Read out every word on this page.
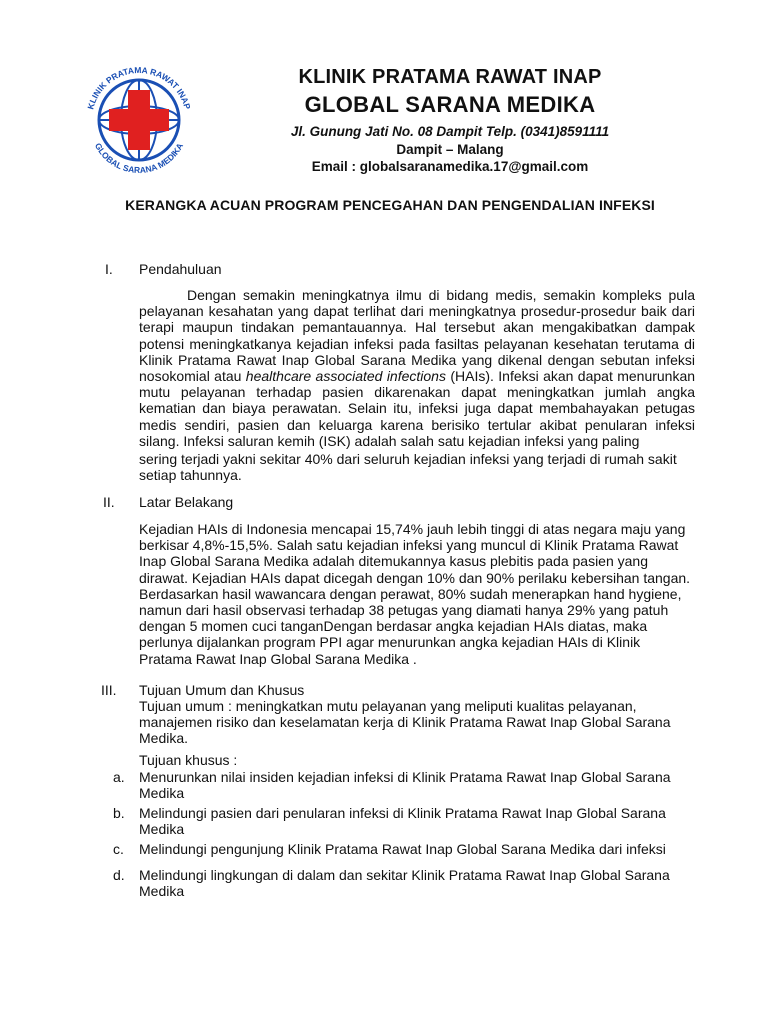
KLINIK PRATAMA RAWAT INAP
GLOBAL SARANA MEDIKA
KLINIK PRATAMA RAWAT INAP
GLOBAL SARANA MEDIKA
Jl. Gunung Jati No. 08 Dampit Telp. (0341)8591111
Dampit – Malang
Email : globalsaranamedika.17@gmail.com
KERANGKA ACUAN PROGRAM PENCEGAHAN DAN PENGENDALIAN INFEKSI
I. Pendahuluan
Dengan semakin meningkatnya ilmu di bidang medis, semakin kompleks pula pelayanan kesahatan yang dapat terlihat dari meningkatnya prosedur-prosedur baik dari terapi maupun tindakan pemantauannya. Hal tersebut akan mengakibatkan dampak potensi meningkatkanya kejadian infeksi pada fasiltas pelayanan kesehatan terutama di Klinik Pratama Rawat Inap Global Sarana Medika yang dikenal dengan sebutan infeksi nosokomial atau healthcare associated infections (HAIs). Infeksi akan dapat menurunkan mutu pelayanan terhadap pasien dikarenakan dapat meningkatkan jumlah angka kematian dan biaya perawatan. Selain itu, infeksi juga dapat membahayakan petugas medis sendiri, pasien dan keluarga karena berisiko tertular akibat penularan infeksi silang. Infeksi saluran kemih (ISK) adalah salah satu kejadian infeksi yang paling
sering terjadi yakni sekitar 40% dari seluruh kejadian infeksi yang terjadi di rumah sakit setiap tahunnya.
II. Latar Belakang
Kejadian HAIs di Indonesia mencapai 15,74% jauh lebih tinggi di atas negara maju yang berkisar 4,8%-15,5%. Salah satu kejadian infeksi yang muncul di Klinik Pratama Rawat Inap Global Sarana Medika adalah ditemukannya kasus plebitis pada pasien yang dirawat. Kejadian HAIs dapat dicegah dengan 10% dan 90% perilaku kebersihan tangan. Berdasarkan hasil wawancara dengan perawat, 80% sudah menerapkan hand hygiene, namun dari hasil observasi terhadap 38 petugas yang diamati hanya 29% yang patuh dengan 5 momen cuci tanganDengan berdasar angka kejadian HAIs diatas, maka perlunya dijalankan program PPI agar menurunkan angka kejadian HAIs di Klinik Pratama Rawat Inap Global Sarana Medika .
III. Tujuan Umum dan Khusus
Tujuan umum : meningkatkan mutu pelayanan yang meliputi kualitas pelayanan, manajemen risiko dan keselamatan kerja di Klinik Pratama Rawat Inap Global Sarana Medika.
Tujuan khusus :
a. Menurunkan nilai insiden kejadian infeksi di Klinik Pratama Rawat Inap Global Sarana Medika
b. Melindungi pasien dari penularan infeksi di Klinik Pratama Rawat Inap Global Sarana Medika
c. Melindungi pengunjung Klinik Pratama Rawat Inap Global Sarana Medika dari infeksi
d. Melindungi lingkungan di dalam dan sekitar Klinik Pratama Rawat Inap Global Sarana Medika
